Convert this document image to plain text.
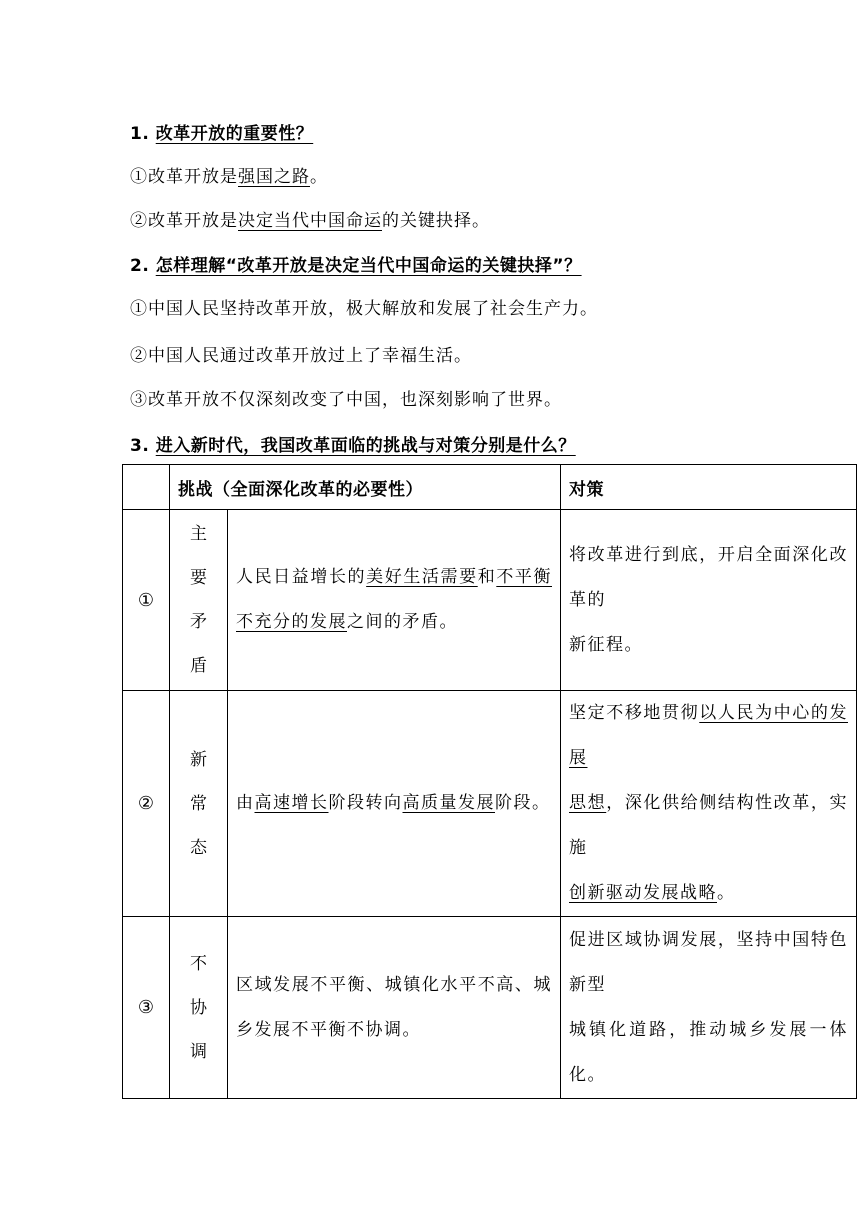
1. 改革开放的重要性？
①改革开放是强国之路。
②改革开放是决定当代中国命运的关键抉择。
2. 怎样理解“改革开放是决定当代中国命运的关键抉择”？
①中国人民坚持改革开放，极大解放和发展了社会生产力。
②中国人民通过改革开放过上了幸福生活。
③改革开放不仅深刻改变了中国，也深刻影响了世界。
3. 进入新时代，我国改革面临的挑战与对策分别是什么？
	挑战（全面深化改革的必要性）		对策
①	主
要
矛
盾	人民日益增长的美好生活需要和不平衡不充分的发展之间的矛盾。	将改革进行到底，开启全面深化改革的
新征程。

②	新
常
态	由高速增长阶段转向高质量发展阶段。	坚定不移地贯彻以人民为中心的发展
思想，深化供给侧结构性改革，实施
创新驱动发展战略。
③	不
协
调	区域发展不平衡、城镇化水平不高、城乡发展不平衡不协调。	促进区域协调发展，坚持中国特色新型
城镇化道路，推动城乡发展一体化。
